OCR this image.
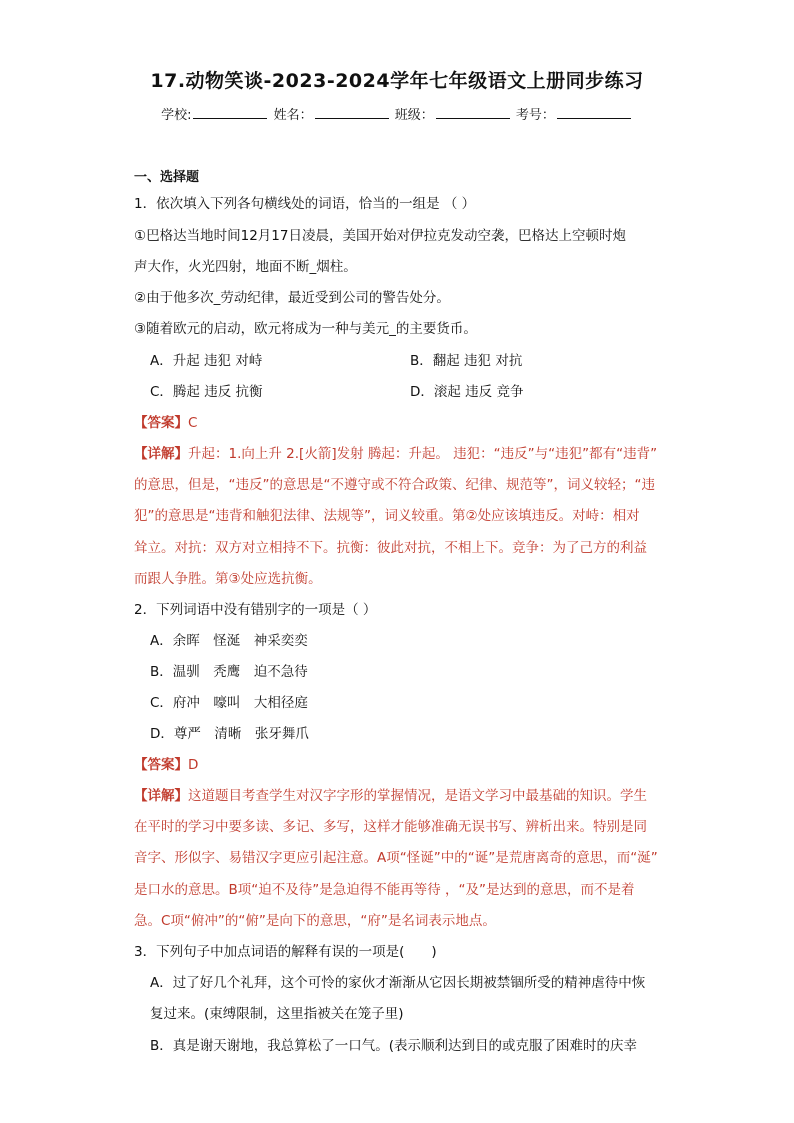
17.动物笑谈-2023-2024学年七年级语文上册同步练习
学校:	姓名：	班级：	考号：
一、选择题
1．依次填入下列各句横线处的词语，恰当的一组是 （ ）
①巴格达当地时间12月17日凌晨，美国开始对伊拉克发动空袭，巴格达上空顿时炮
声大作，火光四射，地面不断_烟柱。
②由于他多次_劳动纪律，最近受到公司的警告处分。
③随着欧元的启动，欧元将成为一种与美元_的主要货币。
A．升起 违犯 对峙	B．翻起 违犯 对抗
C．腾起 违反 抗衡	D．滚起 违反 竞争
【答案】C
【详解】升起：1.向上升 2.[火箭]发射 腾起：升起。 违犯：“违反”与“违犯”都有“违背”
的意思，但是，“违反”的意思是“不遵守或不符合政策、纪律、规范等”，词义较轻；“违
犯”的意思是“违背和触犯法律、法规等”，词义较重。第②处应该填违反。对峙：相对
耸立。对抗：双方对立相持不下。抗衡：彼此对抗，不相上下。竞争：为了己方的利益
而跟人争胜。第③处应选抗衡。
2．下列词语中没有错别字的一项是（ ）
A．余晖　怪涎　神采奕奕
B．温驯　秃鹰　迫不急待
C．府冲　嚎叫　大相径庭
D．尊严　清晰　张牙舞爪
【答案】D
【详解】这道题目考查学生对汉字字形的掌握情况，是语文学习中最基础的知识。学生
在平时的学习中要多读、多记、多写，这样才能够准确无误书写、辨析出来。特别是同
音字、形似字、易错汉字更应引起注意。A项“怪诞”中的“诞”是荒唐离奇的意思，而“涎”
是口水的意思。B项“迫不及待”是急迫得不能再等待 ，“及”是达到的意思，而不是着
急。C项“俯冲”的“俯”是向下的意思，“府”是名词表示地点。
3．下列句子中加点词语的解释有误的一项是(　　)
A．过了好几个礼拜，这个可怜的家伙才渐渐从它因长期被禁锢所受的精神虐待中恢
复过来。(束缚限制，这里指被关在笼子里)
B．真是谢天谢地，我总算松了一口气。(表示顺利达到目的或克服了困难时的庆幸
